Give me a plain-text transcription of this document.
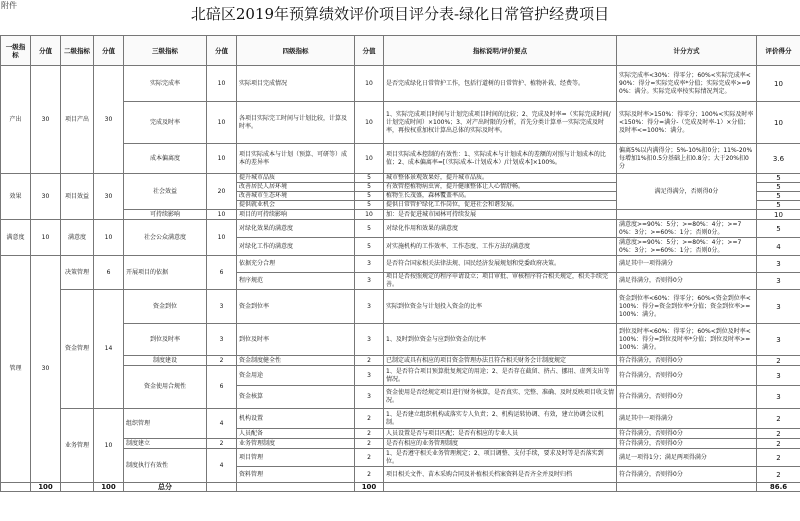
附件	北碚区2019年预算绩效评价项目评分表-绿化日常管护经费项目
一级指标	分值	二级指标	分值	三级指标	分值	四级指标	分值	指标说明/评价要点	计分方式	评价得分
产出	30	项目产出	30	实际完成率	10	实际项目完成情况	10	是否完成绿化日常管护工作，包括行道树的日常管护、植物补栽、经费等。	实际完成率<30%：得零分；60%<实际完成率<90%：得分=实际完成率*分值；实际完成率>=90%：满分。实际完成率按实际情况判定。	10
				完成及时率	10	各项目实际完工时间与计划比较，计算及时率。	10	1、实际完成项目时间与计划完成项目时间的比较；2、完成及时率=（实际完成时间/计划完成时间）×100%；3、对产出时限的分析，首先分类计算单一实际完成及时率，再按权重加权计算出总体的实际及时率。	实际及时率>150%：得零分；100%<实际及时率<150%：得分=满分-（完成及时率-1）×分值；及时率<=100%：满分。	10
				成本偏离度	10	项目实际成本与计划（预算、可研等）成本的差异率	10	项目实际成本控制的有效性：1、实际成本与计划成本的差额的对照与计划成本的比值；2、成本偏离率=[（实际成本-计划成本）/计划成本]×100%。	偏离5%以内满得分；5%-10%扣0分；11%-20%每增加1%扣0.5分基础上扣0.8分；大于20%扣0分	3.6
效果	30	项目效益	30	社会效益	20	提升城市品质	5	城市整体景观效果好，提升城市品质。	满足得满分，否则得0分	5
						改善居民人居环境	5	有效管控植物病虫害，提升健康整体让人心情舒畅。		5
						改善城市生态环境	5	植物生长茂盛，森林覆盖率高。		5
						提供就业机会	5	提供日常管护绿化工作岗位，促进社会和谐发展。		5
				可持续影响	10	项目的可持续影响	10	加：是否促进城市园林可持续发展		10
满意度	10	满意度	10	社会公众满意度	10	对绿化效果的满意度	5	对绿化作用和效果的满意度	满意度>=90%：5分；>=80%：4分；>=70%：3分；>=60%：1分；否则0分。	5
						对绿化工作的满意度	5	对实施机构的工作效率、工作态度、工作方法的满意度	满意度>=90%：5分；>=80%：4分；>=70%：3分；>=60%：1分；否则0分。	4
管理	30	决策管理	6	开展项目的依据	6	依据充分合理	3	是否符合国家相关法律法规、国民经济发展规划和党委政府决策。	满足其中一项得满分	3
						程序规范	3	项目是否按照规定的程序申请设立；项目审批、审核程序符合相关规定，相关手续完善。	满足得满分，否则得0分	3
		资金管理	14	资金到位	3	资金到位率	3	实际到位资金与计划投入资金的比率	资金到位率<60%：得零分；60%<资金到位率<100%：得分=资金到位率*分值；资金到位率>=100%：满分。	3
				到位及时率	3	到位及时率	3	1、及时到位资金与应到位资金的比率	到位及时率<60%：得零分；60%<到位及时率<100%：得分=到位及时率*分值；到位及时率>=100%：满分。	3
				制度建设	2	资金制度健全性	2	已制定或具有相应的项目资金管理办法且符合相关财务会计制度规定	符合得满分，否则得0分	2
				资金使用合规性	6	资金用途	3	1、是否符合项目预算批复规定的用途；2、是否存在截留、挤占、挪用、虚列支出等情况。	符合得满分，否则得0分	3
						资金核算	3	资金使用是否经规定项目进行财务核算，是否真实、完整、准确、及时反映项目收支情况。	符合得满分，否则得0分	3
		业务管理	10	组织管理	4	机构设置	2	1、是否建立组织机构或落实专人负责；2、机构运转协调、有效，建立协调会议机制。	满足其中一项得满分	2
						人员配备	2	人员设置是否与项目匹配；是否有相应的专业人员	符合得满分，否则得0分	2
				制度建立	2	业务管理制度	2	是否有相应的业务管理制度	符合得满分，否则得0分	2
				制度执行有效性	4	项目管理	2	1、是否遵守相关业务管理规定；2、项目调整、支付手续，要求及时等是否落实到位。	满足一项得1分；满足两项得满分	2
						资料管理	2	项目相关文件、苗木采购合同及补植相关档案资料是否齐全并及时归档	符合得满分，否则得0分	2
	100		100	总分			100			86.6
